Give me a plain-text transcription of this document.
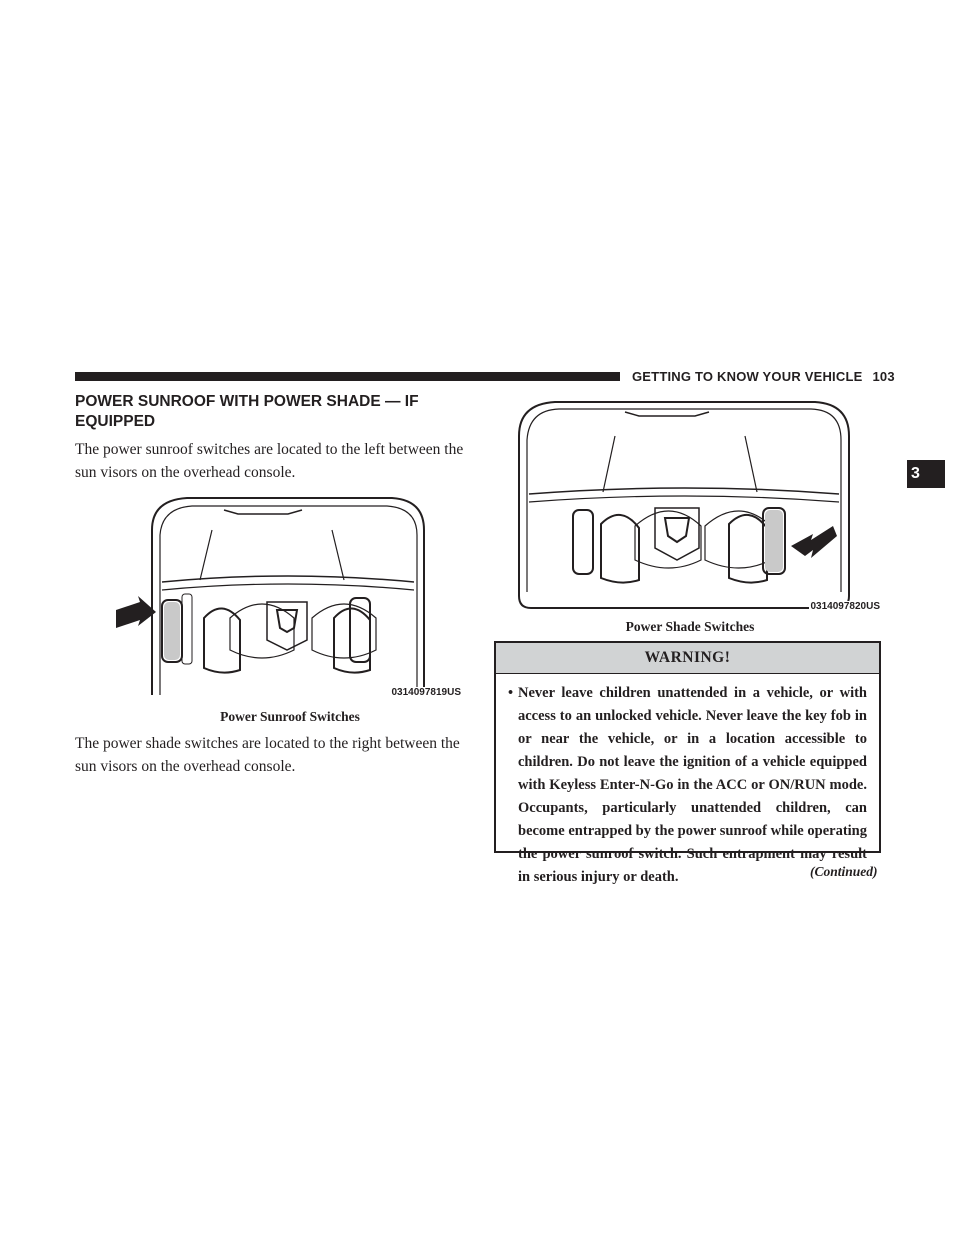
GETTING TO KNOW YOUR VEHICLE 103
3
POWER SUNROOF WITH POWER SHADE — IF EQUIPPED

The power sunroof switches are located to the left between the sun visors on the overhead console.

0314097819US

Power Sunroof Switches

The power shade switches are located to the right between the sun visors on the overhead console.

0314097820US

Power Shade Switches

WARNING!
• Never leave children unattended in a vehicle, or with access to an unlocked vehicle. Never leave the key fob in or near the vehicle, or in a location accessible to children. Do not leave the ignition of a vehicle equipped with Keyless Enter-N-Go in the ACC or ON/RUN mode. Occupants, particularly unattended children, can become entrapped by the power sunroof while operating the power sunroof switch. Such entrapment may result in serious injury or death.	(Continued)
